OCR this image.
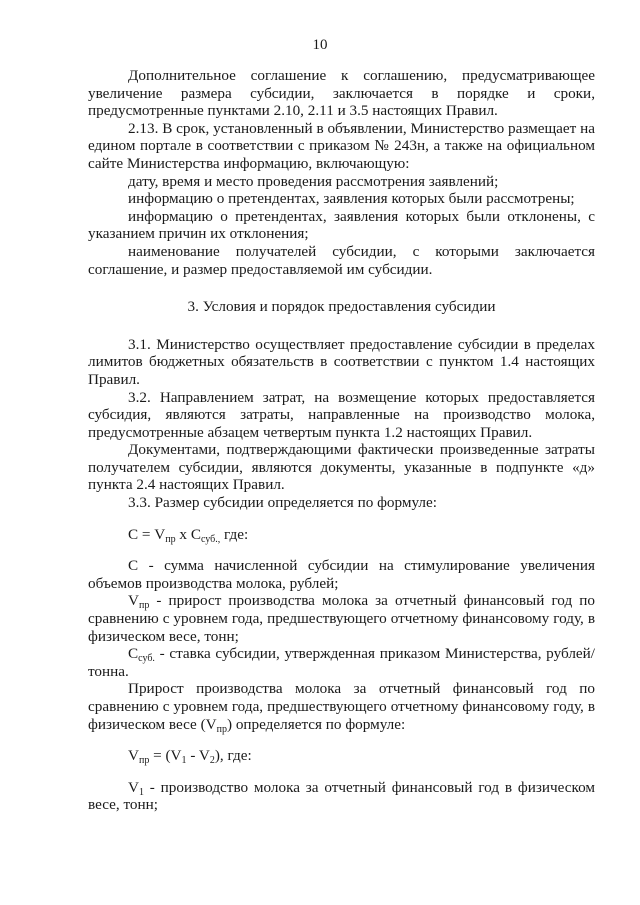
10

Дополнительное соглашение к соглашению, предусматривающее увеличение размера субсидии, заключается в порядке и сроки, предусмотренные пунктами 2.10, 2.11 и 3.5 настоящих Правил.

2.13. В срок, установленный в объявлении, Министерство размещает на едином портале в соответствии с приказом № 243н, а также на официальном сайте Министерства информацию, включающую:

дату, время и место проведения рассмотрения заявлений;

информацию о претендентах, заявления которых были рассмотрены;

информацию о претендентах, заявления которых были отклонены, с указанием причин их отклонения;

наименование получателей субсидии, с которыми заключается соглашение, и размер предоставляемой им субсидии.

3. Условия и порядок предоставления субсидии

3.1. Министерство осуществляет предоставление субсидии в пределах лимитов бюджетных обязательств в соответствии с пунктом 1.4 настоящих Правил.

3.2. Направлением затрат, на возмещение которых предоставляется субсидия, являются затраты, направленные на производство молока, предусмотренные абзацем четвертым пункта 1.2 настоящих Правил.

Документами, подтверждающими фактически произведенные затраты получателем субсидии, являются документы, указанные в подпункте «д» пункта 2.4 настоящих Правил.

3.3. Размер субсидии определяется по формуле:

$С = V_{пр}$ x $С_{суб.,}$ где:

С - сумма начисленной субсидии на стимулирование увеличения объемов производства молока, рублей;

$V_{пр}$ - прирост производства молока за отчетный финансовый год по сравнению с уровнем года, предшествующего отчетному финансовому году, в физическом весе, тонн;

$С_{суб.}$ - ставка субсидии, утвержденная приказом Министерства, рублей/тонна.

Прирост производства молока за отчетный финансовый год по сравнению с уровнем года, предшествующего отчетному финансовому году, в физическом весе $(V_{пр})$ определяется по формуле:

$V_{пр} = (V_1 - V_2)$, где:

$V_1$ - производство молока за отчетный финансовый год в физическом весе, тонн;
